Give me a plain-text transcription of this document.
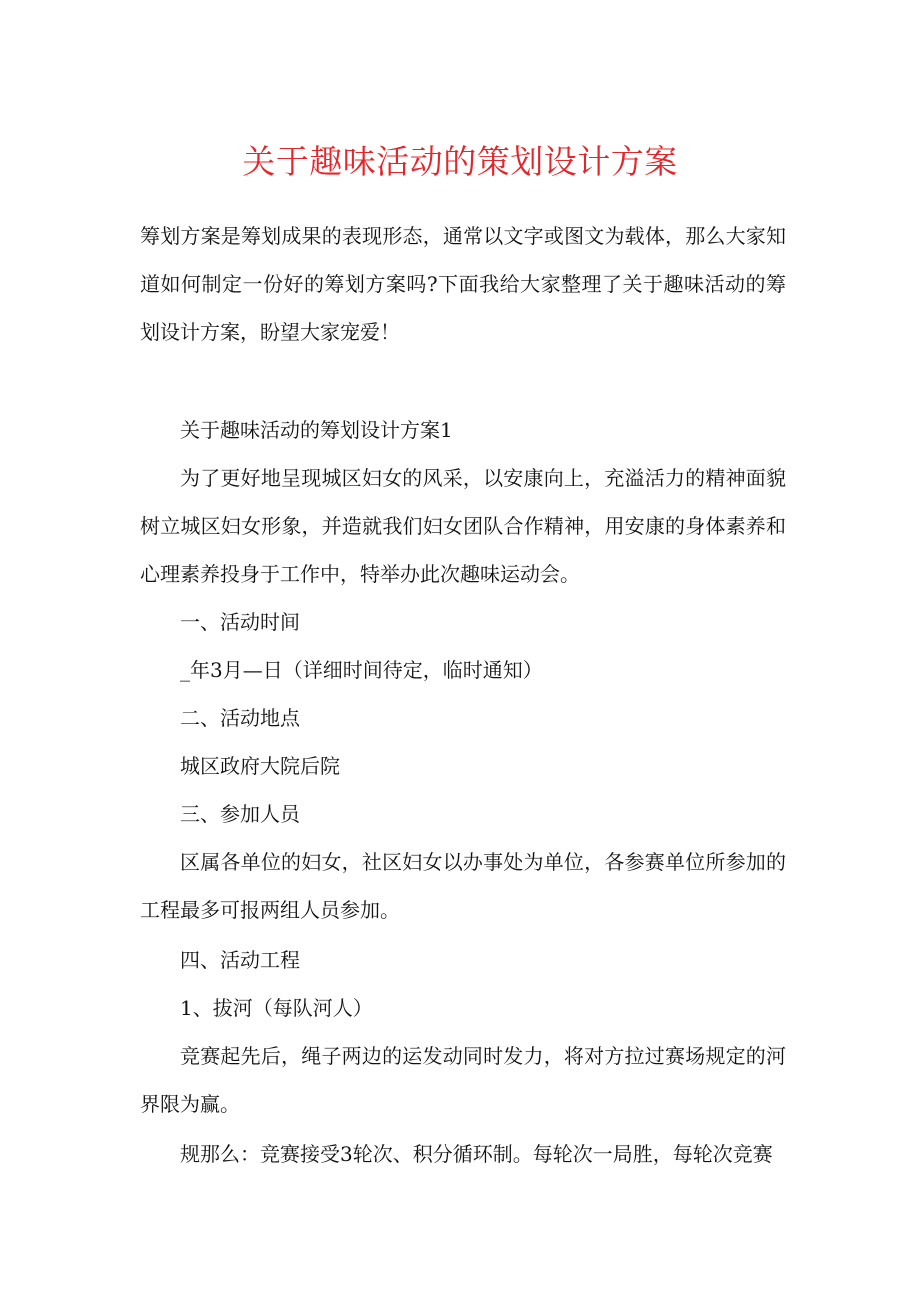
关于趣味活动的策划设计方案

筹划方案是筹划成果的表现形态，通常以文字或图文为载体，那么大家知道如何制定一份好的筹划方案吗?下面我给大家整理了关于趣味活动的筹划设计方案，盼望大家宠爱！

关于趣味活动的筹划设计方案1

为了更好地呈现城区妇女的风采，以安康向上，充溢活力的精神面貌树立城区妇女形象，并造就我们妇女团队合作精神，用安康的身体素养和心理素养投身于工作中，特举办此次趣味运动会。

一、活动时间

_年3月—日（详细时间待定，临时通知）

二、活动地点

城区政府大院后院

三、参加人员

区属各单位的妇女，社区妇女以办事处为单位，各参赛单位所参加的工程最多可报两组人员参加。

四、活动工程

1、拔河（每队河人）

竞赛起先后，绳子两边的运发动同时发力，将对方拉过赛场规定的河界限为赢。

规那么：竞赛接受3轮次、积分循环制。每轮次一局胜，每轮次竞赛
